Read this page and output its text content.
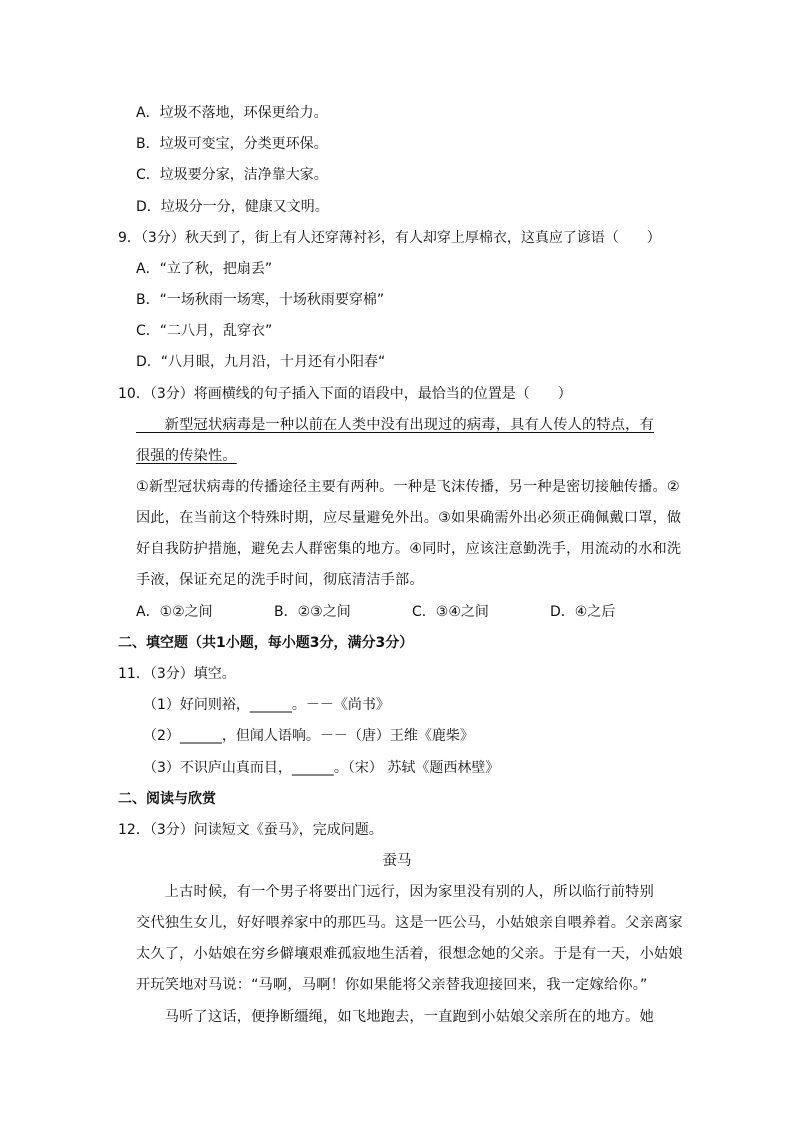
A．垃圾不落地，环保更给力。
B．垃圾可变宝，分类更环保。
C．垃圾要分家，洁净靠大家。
D．垃圾分一分，健康又文明。
9．（3分）秋天到了，街上有人还穿薄衬衫，有人却穿上厚棉衣，这真应了谚语（　　）
A．“立了秋，把扇丢”
B．“一场秋雨一场寒，十场秋雨要穿棉”
C．“二八月，乱穿衣”
D．“八月眼，九月沿，十月还有小阳春“
10．（3分）将画横线的句子插入下面的语段中，最恰当的位置是（　　）
　　新型冠状病毒是一种以前在人类中没有出现过的病毒，具有人传人的特点，有
很强的传染性。
①新型冠状病毒的传播途径主要有两种。一种是飞沫传播，另一种是密切接触传播。②
因此，在当前这个特殊时期，应尽量避免外出。③如果确需外出必须正确佩戴口罩，做
好自我防护措施，避免去人群密集的地方。④同时，应该注意勤洗手，用流动的水和洗
手液，保证充足的洗手时间，彻底清洁手部。
A．①②之间	B．②③之间	C．③④之间	D．④之后
二、填空题（共1小题，每小题3分，满分3分）
11．（3分）填空。
（1）好问则裕，______。－－《尚书》
（2）______，但闻人语响。－－（唐）王维《鹿柴》
（3）不识庐山真而目，______。（宋） 苏轼《题西林壁》
二、阅读与欣赏
12．（3分）问读短文《蚕马》，完成问题。
蚕马
　　上古时候，有一个男子将要出门远行，因为家里没有别的人，所以临行前特别
交代独生女儿，好好喂养家中的那匹马。这是一匹公马，小姑娘亲自喂养着。父亲离家
太久了，小姑娘在穷乡僻壤艰难孤寂地生活着，很想念她的父亲。于是有一天，小姑娘
开玩笑地对马说：“马啊，马啊！你如果能将父亲替我迎接回来，我一定嫁给你。”
　　马听了这话，便挣断缰绳，如飞地跑去，一直跑到小姑娘父亲所在的地方。她
